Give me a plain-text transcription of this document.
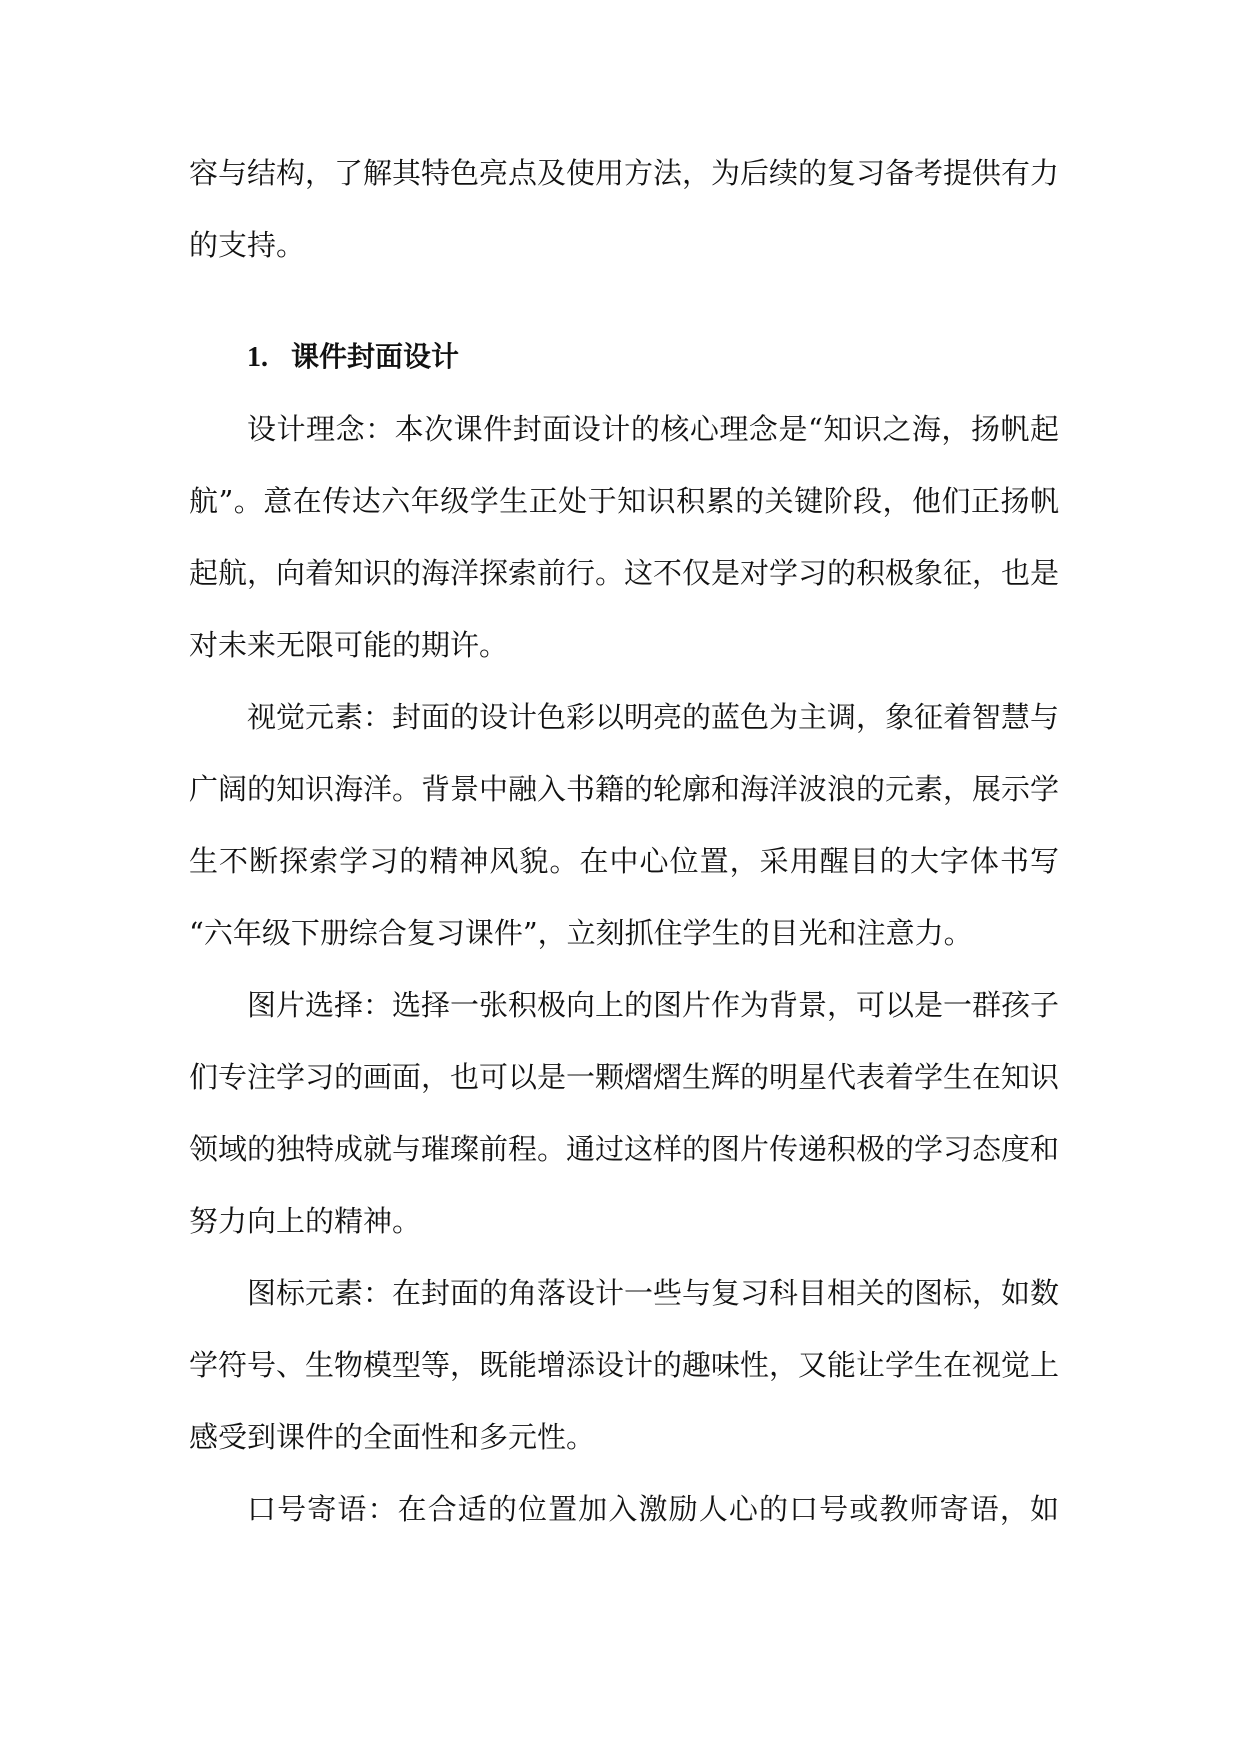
容与结构，了解其特色亮点及使用方法，为后续的复习备考提供有力
的支持。
1. 课件封面设计
设计理念：本次课件封面设计的核心理念是“知识之海，扬帆起
航”。意在传达六年级学生正处于知识积累的关键阶段，他们正扬帆
起航，向着知识的海洋探索前行。这不仅是对学习的积极象征，也是
对未来无限可能的期许。
视觉元素：封面的设计色彩以明亮的蓝色为主调，象征着智慧与
广阔的知识海洋。背景中融入书籍的轮廓和海洋波浪的元素，展示学
生不断探索学习的精神风貌。在中心位置，采用醒目的大字体书写
“六年级下册综合复习课件”，立刻抓住学生的目光和注意力。
图片选择：选择一张积极向上的图片作为背景，可以是一群孩子
们专注学习的画面，也可以是一颗熠熠生辉的明星代表着学生在知识
领域的独特成就与璀璨前程。通过这样的图片传递积极的学习态度和
努力向上的精神。
图标元素：在封面的角落设计一些与复习科目相关的图标，如数
学符号、生物模型等，既能增添设计的趣味性，又能让学生在视觉上
感受到课件的全面性和多元性。
口号寄语：在合适的位置加入激励人心的口号或教师寄语，如
